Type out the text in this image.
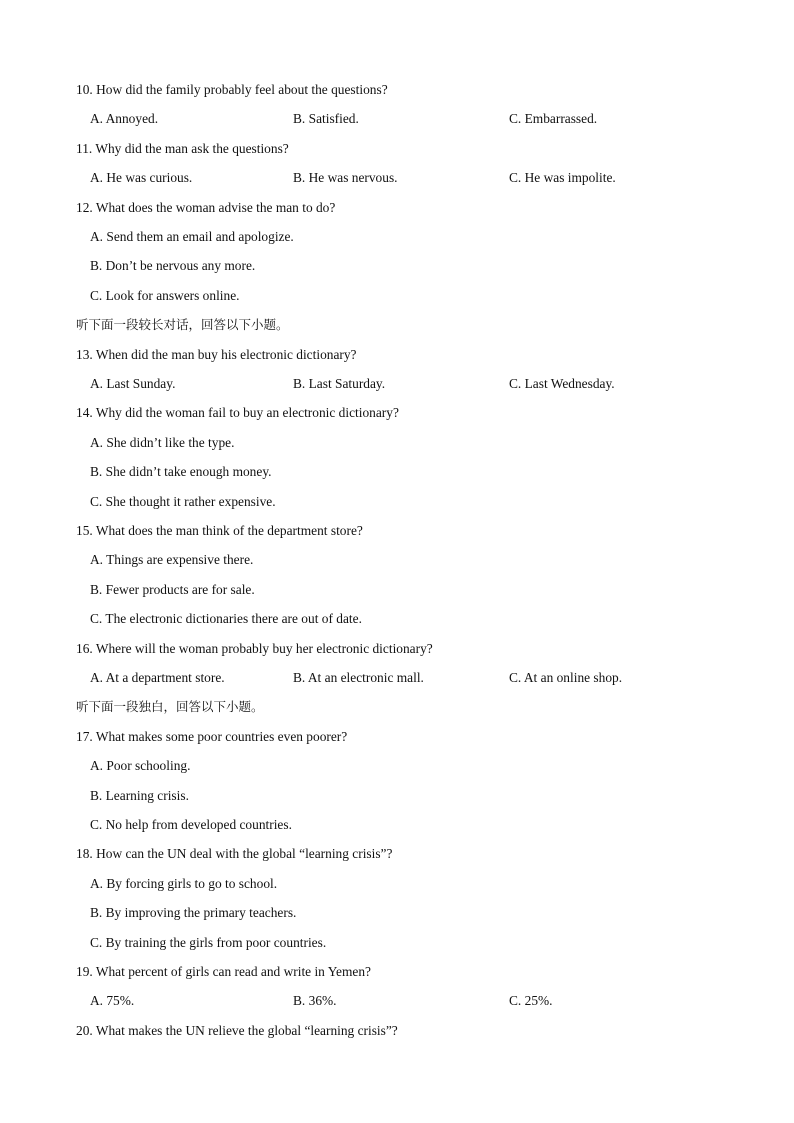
10. How did the family probably feel about the questions?
A. Annoyed.	B. Satisfied.	C. Embarrassed.
11. Why did the man ask the questions?
A. He was curious.	B. He was nervous.	C. He was impolite.
12. What does the woman advise the man to do?
A. Send them an email and apologize.
B. Don’t be nervous any more.
C. Look for answers online.
听下面一段较长对话，回答以下小题。
13. When did the man buy his electronic dictionary?
A. Last Sunday.	B. Last Saturday.	C. Last Wednesday.
14. Why did the woman fail to buy an electronic dictionary?
A. She didn’t like the type.
B. She didn’t take enough money.
C. She thought it rather expensive.
15. What does the man think of the department store?
A. Things are expensive there.
B. Fewer products are for sale.
C. The electronic dictionaries there are out of date.
16. Where will the woman probably buy her electronic dictionary?
A. At a department store.	B. At an electronic mall.	C. At an online shop.
听下面一段独白，回答以下小题。
17. What makes some poor countries even poorer?
A. Poor schooling.
B. Learning crisis.
C. No help from developed countries.
18. How can the UN deal with the global “learning crisis”?
A. By forcing girls to go to school.
B. By improving the primary teachers.
C. By training the girls from poor countries.
19. What percent of girls can read and write in Yemen?
A. 75%.	B. 36%.	C. 25%.
20. What makes the UN relieve the global “learning crisis”?
